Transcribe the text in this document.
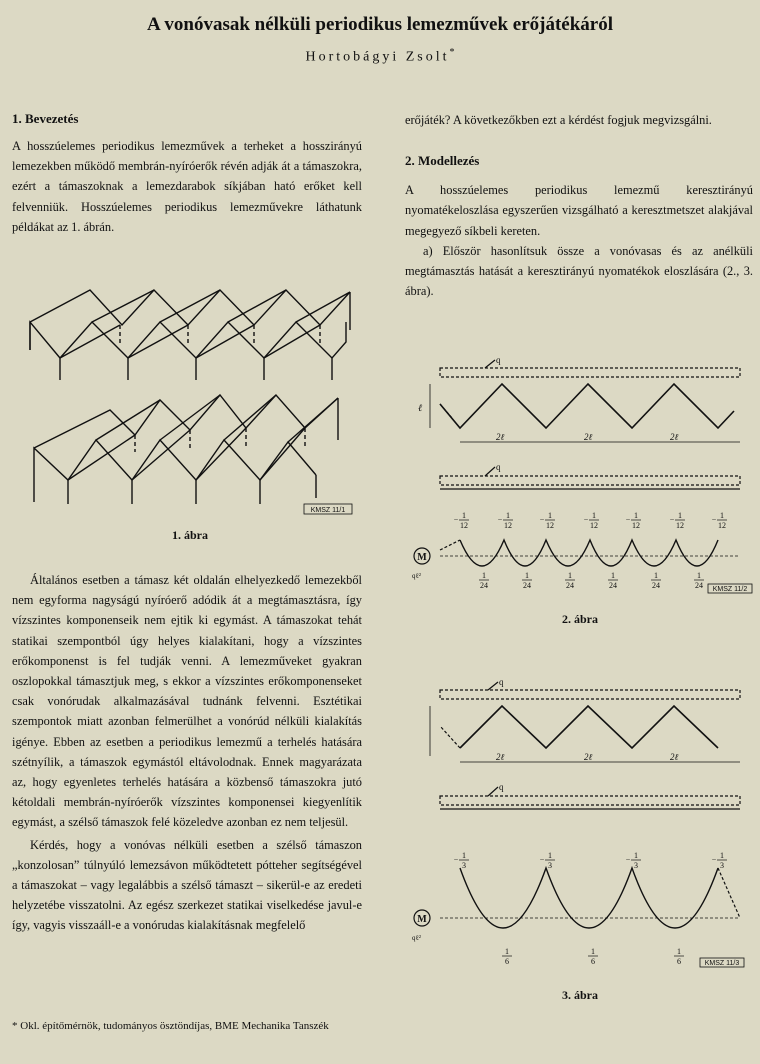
A vonóvasak nélküli periodikus lemezművek erőjátékáról
Hortobágyi Zsolt*
1. Bevezetés

A hosszúelemes periodikus lemezművek a terheket a hosszirányú lemezekben működő membrán-nyíróerők révén adják át a támaszokra, ezért a támaszoknak a lemezdarabok síkjában ható erőket kell felvenniük. Hosszúelemes periodikus lemezművekre láthatunk példákat az 1. ábrán.

Általános esetben a támasz két oldalán elhelyezkedő lemezekből nem egyforma nagyságú nyíróerő adódik át a megtámasztásra, így vízszintes komponenseik nem ejtik ki egymást. A támaszokat tehát statikai szempontból úgy helyes kialakítani, hogy a vízszintes erőkomponenst is fel tudják venni. A lemezműveket gyakran oszlopokkal támasztjuk meg, s ekkor a vízszintes erőkomponenseket csak vonórudak alkalmazásával tudnánk felvenni. Esztétikai szempontok miatt azonban felmerülhet a vonórúd nélküli kialakítás igénye. Ebben az esetben a periodikus lemezmű a terhelés hatására szétnyílik, a támaszok egymástól eltávolodnak. Ennek magyarázata az, hogy egyenletes terhelés hatására a közbenső támaszokra jutó kétoldali membrán-nyíróerők vízszintes komponensei kiegyenlítik egymást, a szélső támaszok felé közeledve azonban ez nem teljesül.

Kérdés, hogy a vonóvas nélküli esetben a szélső támaszon „konzolosan” túlnyúló lemezsávon működtetett pótteher segítségével a támaszokat – vagy legalábbis a szélső támaszt – sikerül-e az eredeti helyzetébe visszatolni. Az egész szerkezet statikai viselkedése javul-e így, vagyis visszaáll-e a vonórudas kialakításnak megfelelő

KMSZ 11/1
1. ábra

erőjáték? A következőkben ezt a kérdést fogjuk megvizsgálni.

2. Modellezés

A hosszúelemes periodikus lemezmű keresztirányú nyomatékeloszlása egyszerűen vizsgálható a keresztmetszet alakjával megegyező síkbeli kereten.

a) Először hasonlítsuk össze a vonóvasas és az anélküli megtámasztás hatását a keresztirányú nyomatékok eloszlására (2., 3. ábra).

q
ℓ
2ℓ	2ℓ	2ℓ
q
− 1
12
− 1
12
− 1
12
− 1
12
− 1
12
− 1
12
− 1
12
1
24
1
24
1
24
1
24
1
24
1
24
M
qℓ²
KMSZ 11/2
2. ábra
q
2ℓ	2ℓ	2ℓ
q
− 1
3
− 1
3
− 1
3
− 1
3
1
6
1
6
1
6
M
qℓ²
KMSZ 11/3
3. ábra
* Okl. építőmérnök, tudományos ösztöndíjas, BME Mechanika Tanszék
